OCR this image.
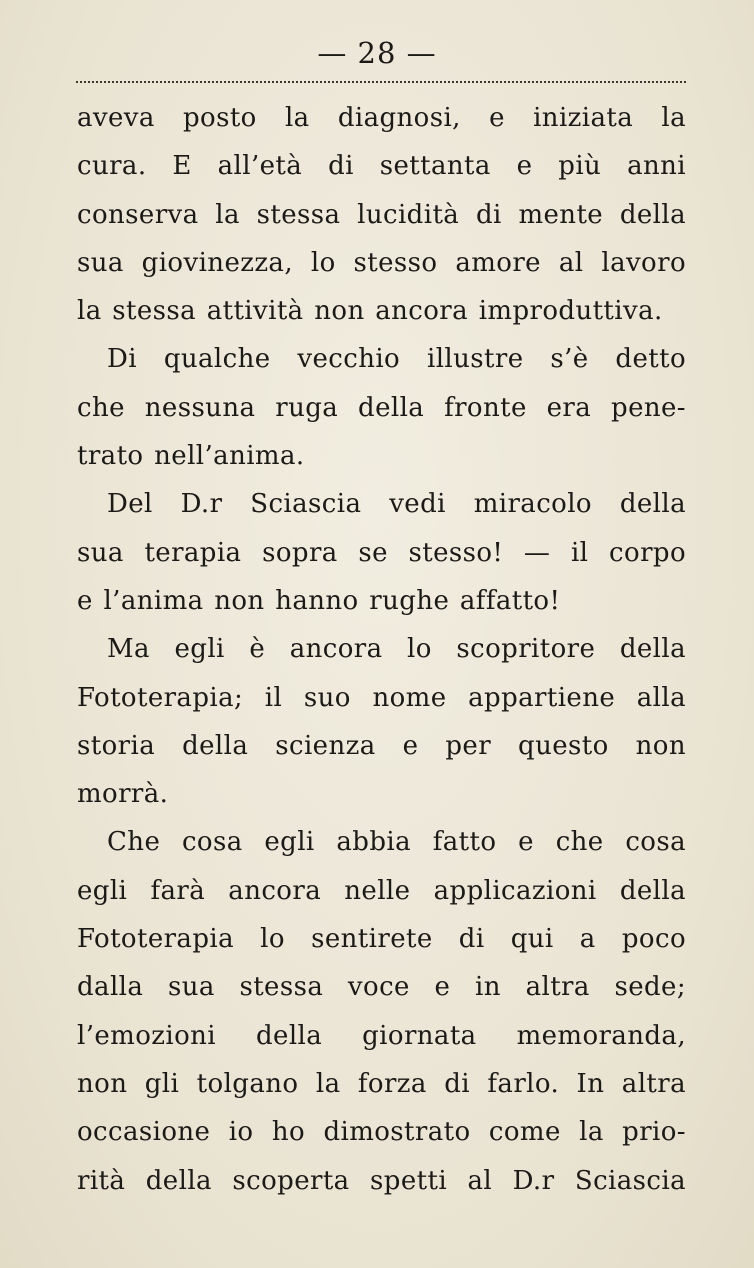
— 28 —

aveva posto la diagnosi, e iniziata la

cura. E all’età di settanta e più anni

conserva la stessa lucidità di mente della

sua giovinezza, lo stesso amore al lavoro

la stessa attività non ancora improduttiva.

Di qualche vecchio illustre s’è detto

che nessuna ruga della fronte era pene-

trato nell’anima.

Del D.r Sciascia vedi miracolo della

sua terapia sopra se stesso! — il corpo

e l’anima non hanno rughe affatto!

Ma egli è ancora lo scopritore della

Fototerapia; il suo nome appartiene alla

storia della scienza e per questo non

morrà.

Che cosa egli abbia fatto e che cosa

egli farà ancora nelle applicazioni della

Fototerapia lo sentirete di qui a poco

dalla sua stessa voce e in altra sede;

l’emozioni della giornata memoranda,

non gli tolgano la forza di farlo. In altra

occasione io ho dimostrato come la prio-

rità della scoperta spetti al D.r Sciascia
